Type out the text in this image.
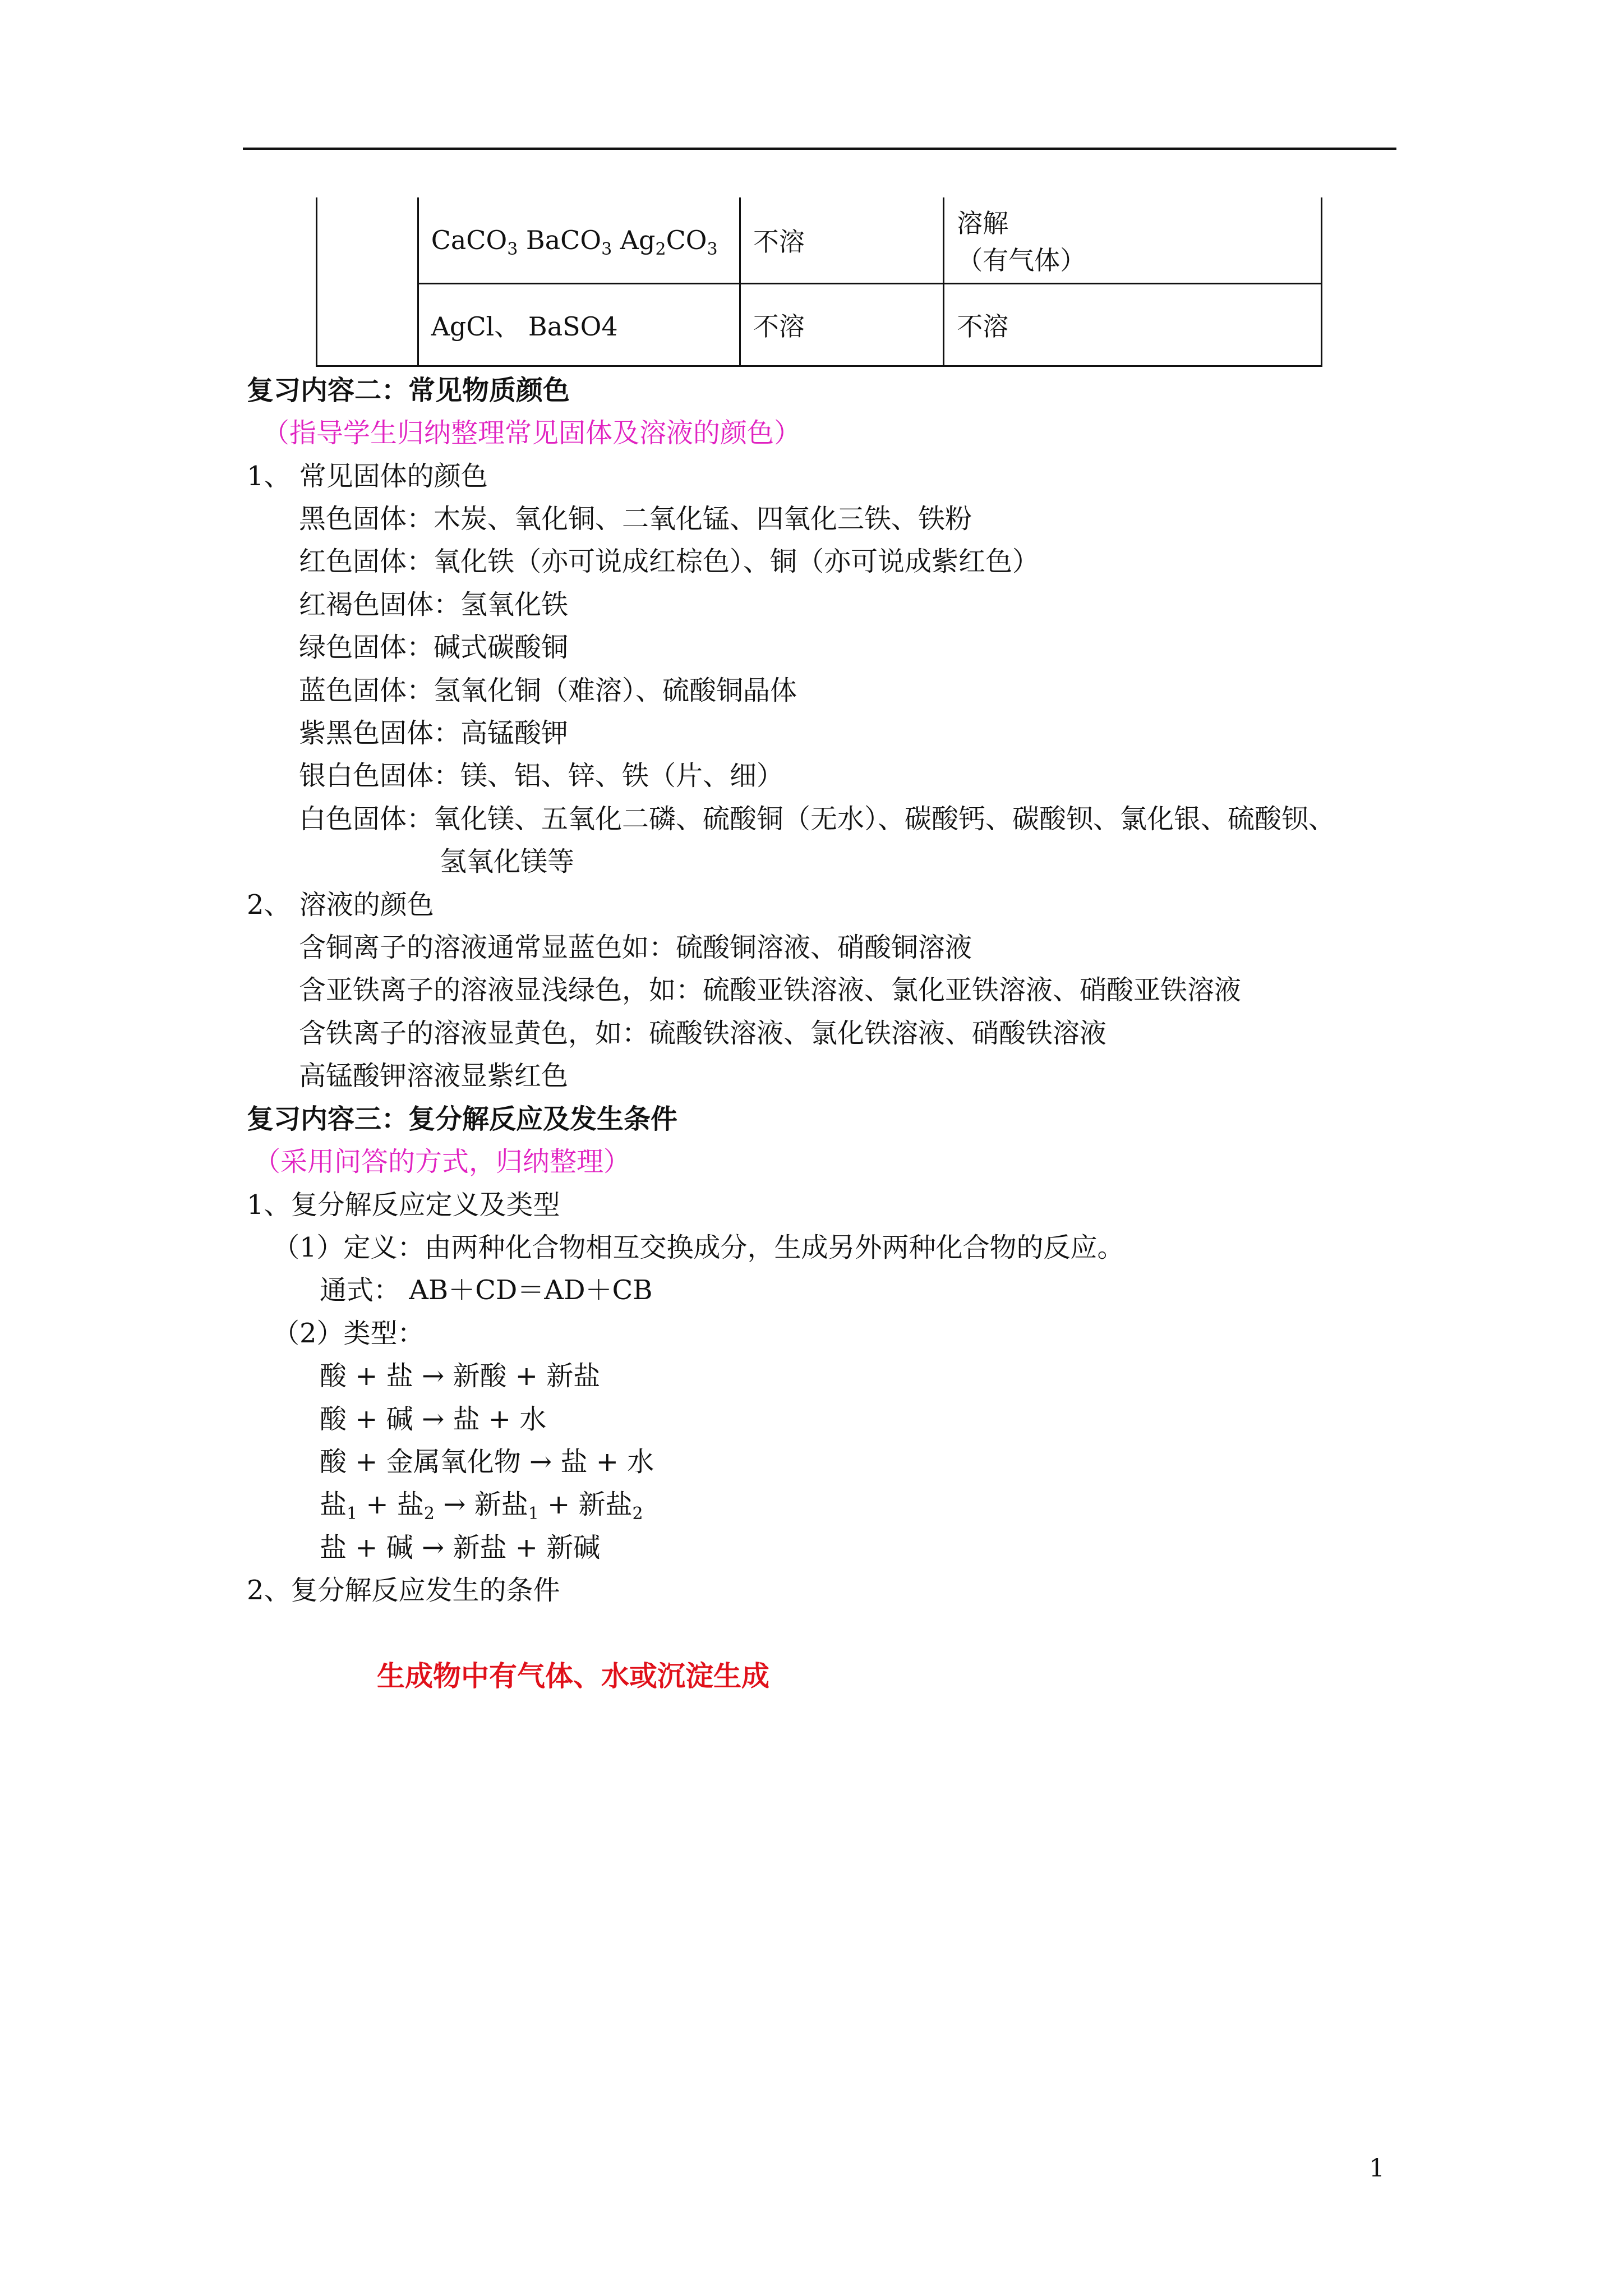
	CaCO$_3$ BaCO$_3$ $Ag_2CO_3$	不溶	溶解
（有气体）

	AgCl、 BaSO4	不溶	不溶
复习内容二：常见物质颜色
（指导学生归纳整理常见固体及溶液的颜色）
1、 常见固体的颜色
黑色固体：木炭、氧化铜、二氧化锰、四氧化三铁、铁粉
红色固体：氧化铁（亦可说成红棕色）、铜（亦可说成紫红色）
红褐色固体：氢氧化铁
绿色固体：碱式碳酸铜
蓝色固体：氢氧化铜（难溶）、硫酸铜晶体
紫黑色固体：高锰酸钾
银白色固体：镁、铝、锌、铁（片、细）
白色固体：氧化镁、五氧化二磷、硫酸铜（无水）、碳酸钙、碳酸钡、氯化银、硫酸钡、
氢氧化镁等
2、 溶液的颜色
含铜离子的溶液通常显蓝色如：硫酸铜溶液、硝酸铜溶液
含亚铁离子的溶液显浅绿色，如：硫酸亚铁溶液、氯化亚铁溶液、硝酸亚铁溶液
含铁离子的溶液显黄色，如：硫酸铁溶液、氯化铁溶液、硝酸铁溶液
高锰酸钾溶液显紫红色
复习内容三：复分解反应及发生条件
（采用问答的方式，归纳整理）
1、复分解反应定义及类型
（1）定义：由两种化合物相互交换成分，生成另外两种化合物的反应。
通式： AB＋CD＝AD＋CB
（2）类型：
酸 + 盐 → 新酸 + 新盐
酸 + 碱 → 盐 + 水
酸 + 金属氧化物 → 盐 + 水
盐$_1$ + 盐$_2$ → 新盐$_1$ + 新盐$_2$
盐 + 碱 → 新盐 + 新碱
2、复分解反应发生的条件
生成物中有气体、水或沉淀生成
1
